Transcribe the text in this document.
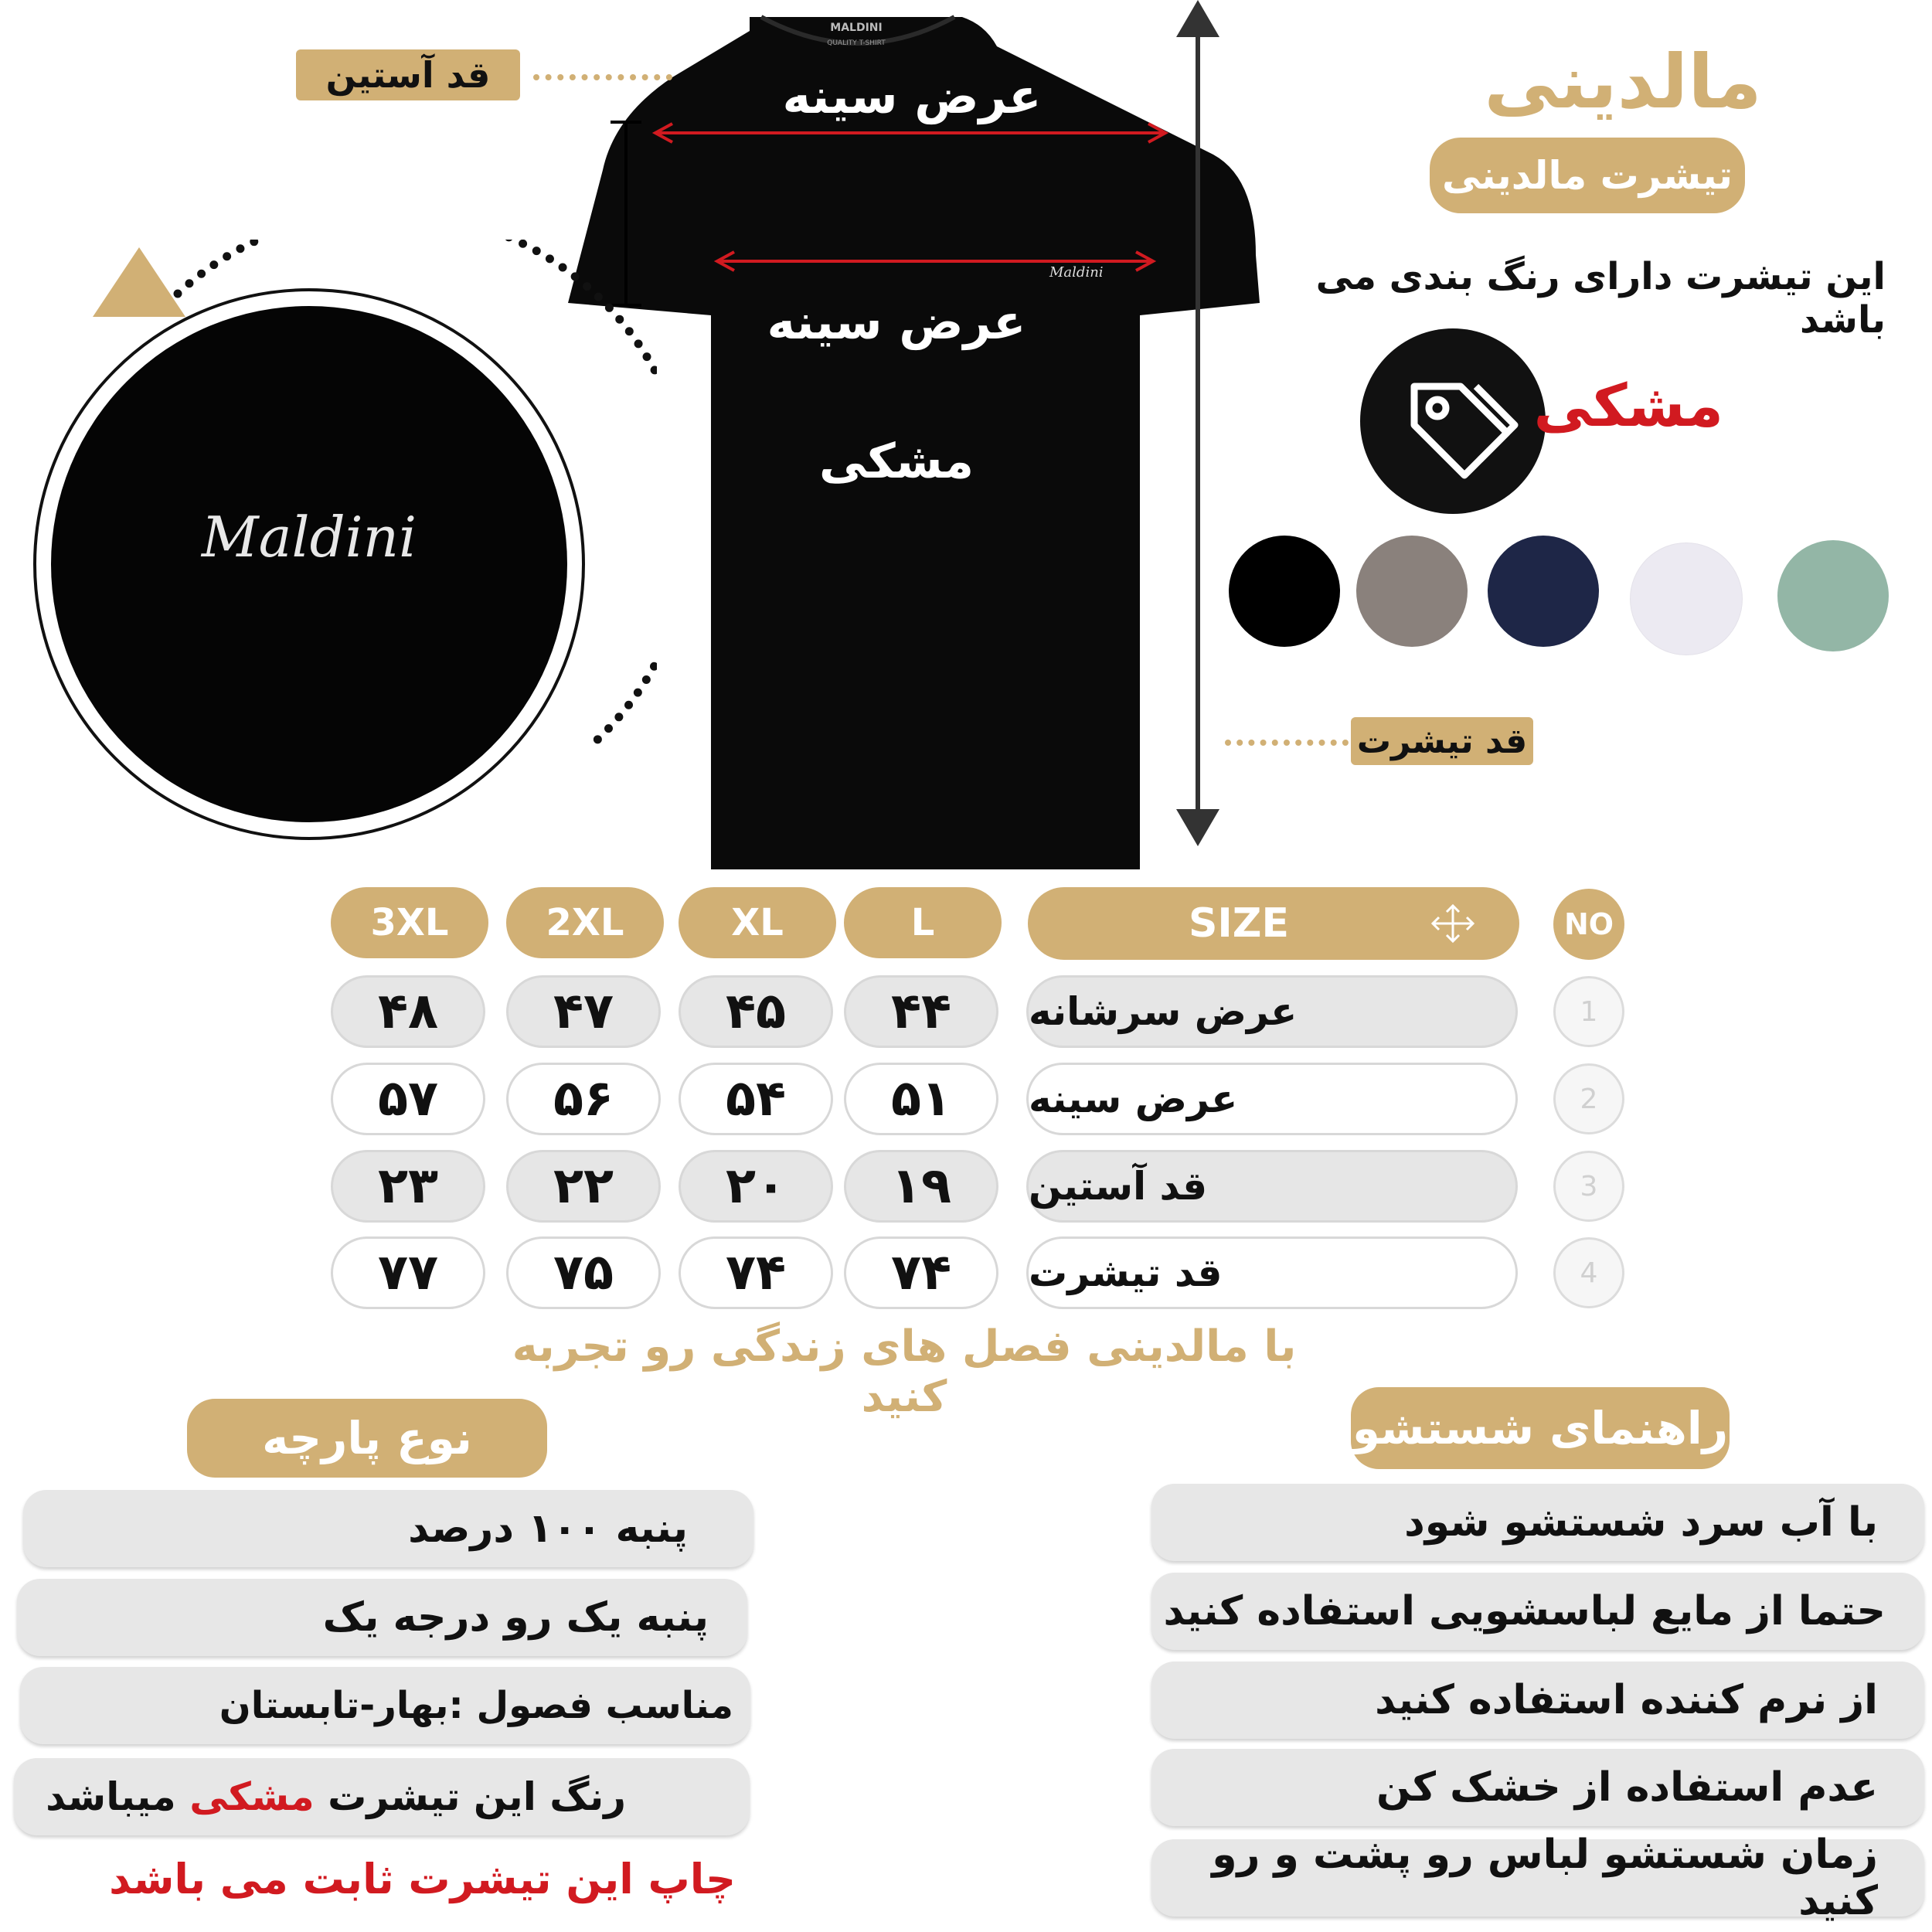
MALDINI
QUALITY T-SHIRT
Maldini
عرض سینه
عرض سینه
مشکی
قد آستین
قد تیشرت
Maldini
مالدینی
تیشرت مالدینی
این تیشرت دارای رنگ بندی می باشد
مشکی
NO
SIZE
L
XL
2XL
3XL
1
عرض سرشانه
۴۴
۴۵
۴۷
۴۸
2
عرض سینه
۵۱
۵۴
۵۶
۵۷
3
قد آستین
۱۹
۲۰
۲۲
۲۳
4
قد تیشرت
۷۴
۷۴
۷۵
۷۷
با مالدینی فصل های زندگی رو تجربه کنید
نوع پارچه
پنبه ۱۰۰ درصد
پنبه یک رو درجه یک
مناسب فصول :بهار-تابستان
رنگ این تیشرت

مشکی

میباشد
چاپ این تیشرت ثابت می باشد
راهنمای شستشو
با آب سرد شستشو شود
حتما از مایع لباسشویی استفاده کنید
از نرم کننده استفاده کنید
عدم استفاده از خشک کن
زمان شستشو لباس رو پشت و رو کنید
